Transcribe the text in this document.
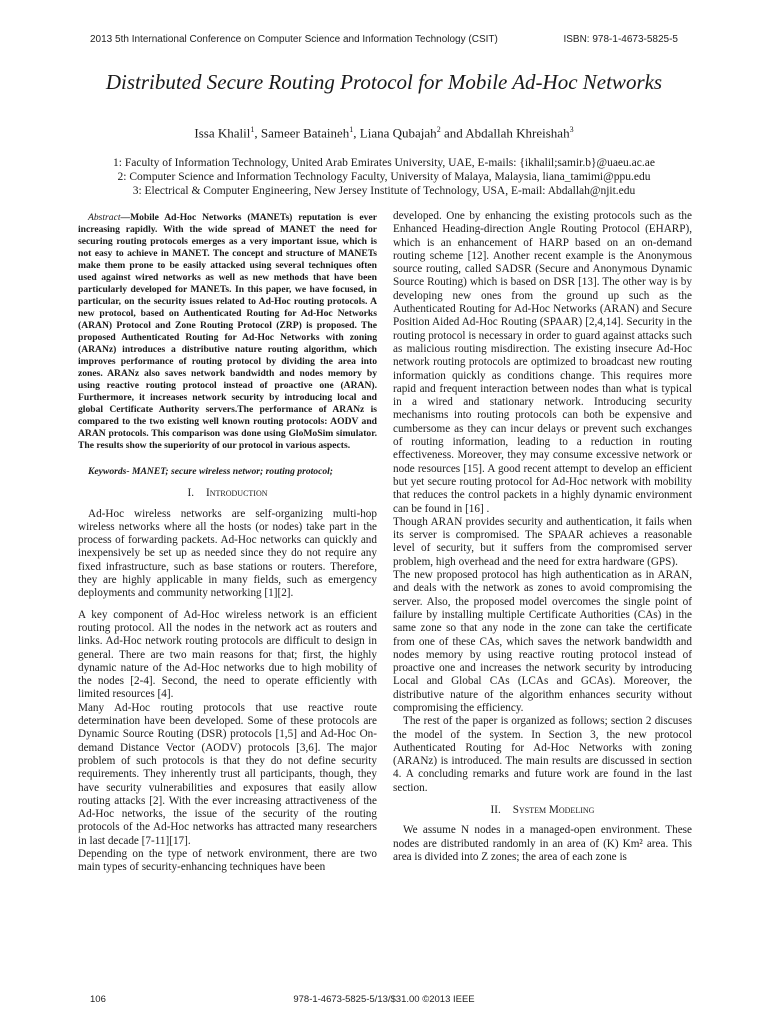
2013 5th International Conference on Computer Science and Information Technology (CSIT)	ISBN: 978-1-4673-5825-5
Distributed Secure Routing Protocol for Mobile Ad-Hoc Networks
Issa Khalil$^1$, Sameer Bataineh$^1$, Liana Qubajah$^2$ and Abdallah Khreishah$^3$
1: Faculty of Information Technology, United Arab Emirates University, UAE, E-mails: {ikhalil;samir.b}@uaeu.ac.ae
2: Computer Science and Information Technology Faculty, University of Malaya, Malaysia, liana_tamimi@ppu.edu
3: Electrical & Computer Engineering, New Jersey Institute of Technology, USA, E-mail: Abdallah@njit.edu

Abstract—Mobile Ad-Hoc Networks (MANETs) reputation is ever increasing rapidly. With the wide spread of MANET the need for securing routing protocols emerges as a very important issue, which is not easy to achieve in MANET. The concept and structure of MANETs make them prone to be easily attacked using several techniques often used against wired networks as well as new methods that have been particularly developed for MANETs. In this paper, we have focused, in particular, on the security issues related to Ad-Hoc routing protocols. A new protocol, based on Authenticated Routing for Ad-Hoc Networks (ARAN) Protocol and Zone Routing Protocol (ZRP) is proposed. The proposed Authenticated Routing for Ad-Hoc Networks with zoning (ARANz) introduces a distributive nature routing algorithm, which improves performance of routing protocol by dividing the area into zones. ARANz also saves network bandwidth and nodes memory by using reactive routing protocol instead of proactive one (ARAN). Furthermore, it increases network security by introducing local and global Certificate Authority servers.The performance of ARANz is compared to the two existing well known routing protocols: AODV and ARAN protocols. This comparison was done using GloMoSim simulator. The results show the superiority of our protocol in various aspects.

Keywords- MANET; secure wireless networ; routing protocol;

I. Introduction

Ad-Hoc wireless networks are self-organizing multi-hop wireless networks where all the hosts (or nodes) take part in the process of forwarding packets. Ad-Hoc networks can quickly and inexpensively be set up as needed since they do not require any fixed infrastructure, such as base stations or routers. Therefore, they are highly applicable in many fields, such as emergency deployments and community networking [1][2].

A key component of Ad-Hoc wireless network is an efficient routing protocol. All the nodes in the network act as routers and links. Ad-Hoc network routing protocols are difficult to design in general. There are two main reasons for that; first, the highly dynamic nature of the Ad-Hoc networks due to high mobility of the nodes [2-4]. Second, the need to operate efficiently with limited resources [4].

Many Ad-Hoc routing protocols that use reactive route determination have been developed. Some of these protocols are Dynamic Source Routing (DSR) protocols [1,5] and Ad-Hoc On-demand Distance Vector (AODV) protocols [3,6]. The major problem of such protocols is that they do not define security requirements. They inherently trust all participants, though, they have security vulnerabilities and exposures that easily allow routing attacks [2]. With the ever increasing attractiveness of the Ad-Hoc networks, the issue of the security of the routing protocols of the Ad-Hoc networks has attracted many researchers in last decade [7-11][17].

Depending on the type of network environment, there are two main types of security-enhancing techniques have been

developed. One by enhancing the existing protocols such as the Enhanced Heading-direction Angle Routing Protocol (EHARP), which is an enhancement of HARP based on an on-demand routing scheme [12]. Another recent example is the Anonymous source routing, called SADSR (Secure and Anonymous Dynamic Source Routing) which is based on DSR [13]. The other way is by developing new ones from the ground up such as the Authenticated Routing for Ad-Hoc Networks (ARAN) and Secure Position Aided Ad-Hoc Routing (SPAAR) [2,4,14]. Security in the routing protocol is necessary in order to guard against attacks such as malicious routing misdirection. The existing insecure Ad-Hoc network routing protocols are optimized to broadcast new routing information quickly as conditions change. This requires more rapid and frequent interaction between nodes than what is typical in a wired and stationary network. Introducing security mechanisms into routing protocols can both be expensive and cumbersome as they can incur delays or prevent such exchanges of routing information, leading to a reduction in routing effectiveness. Moreover, they may consume excessive network or node resources [15]. A good recent attempt to develop an efficient but yet secure routing protocol for Ad-Hoc network with mobility that reduces the control packets in a highly dynamic environment can be found in [16] .

Though ARAN provides security and authentication, it fails when its server is compromised. The SPAAR achieves a reasonable level of security, but it suffers from the compromised server problem, high overhead and the need for extra hardware (GPS).

The new proposed protocol has high authentication as in ARAN, and deals with the network as zones to avoid compromising the server. Also, the proposed model overcomes the single point of failure by installing multiple Certificate Authorities (CAs) in the same zone so that any node in the zone can take the certificate from one of these CAs, which saves the network bandwidth and nodes memory by using reactive routing protocol instead of proactive one and increases the network security by introducing Local and Global CAs (LCAs and GCAs). Moreover, the distributive nature of the algorithm enhances security without compromising the efficiency.

The rest of the paper is organized as follows; section 2 discuses the model of the system. In Section 3, the new protocol Authenticated Routing for Ad-Hoc Networks with zoning (ARANz) is introduced. The main results are discussed in section 4. A concluding remarks and future work are found in the last section.

II. System Modeling

We assume N nodes in a managed-open environment. These nodes are distributed randomly in an area of (K) Km² area. This area is divided into Z zones; the area of each zone is

106	978-1-4673-5825-5/13/$31.00 ©2013 IEEE
